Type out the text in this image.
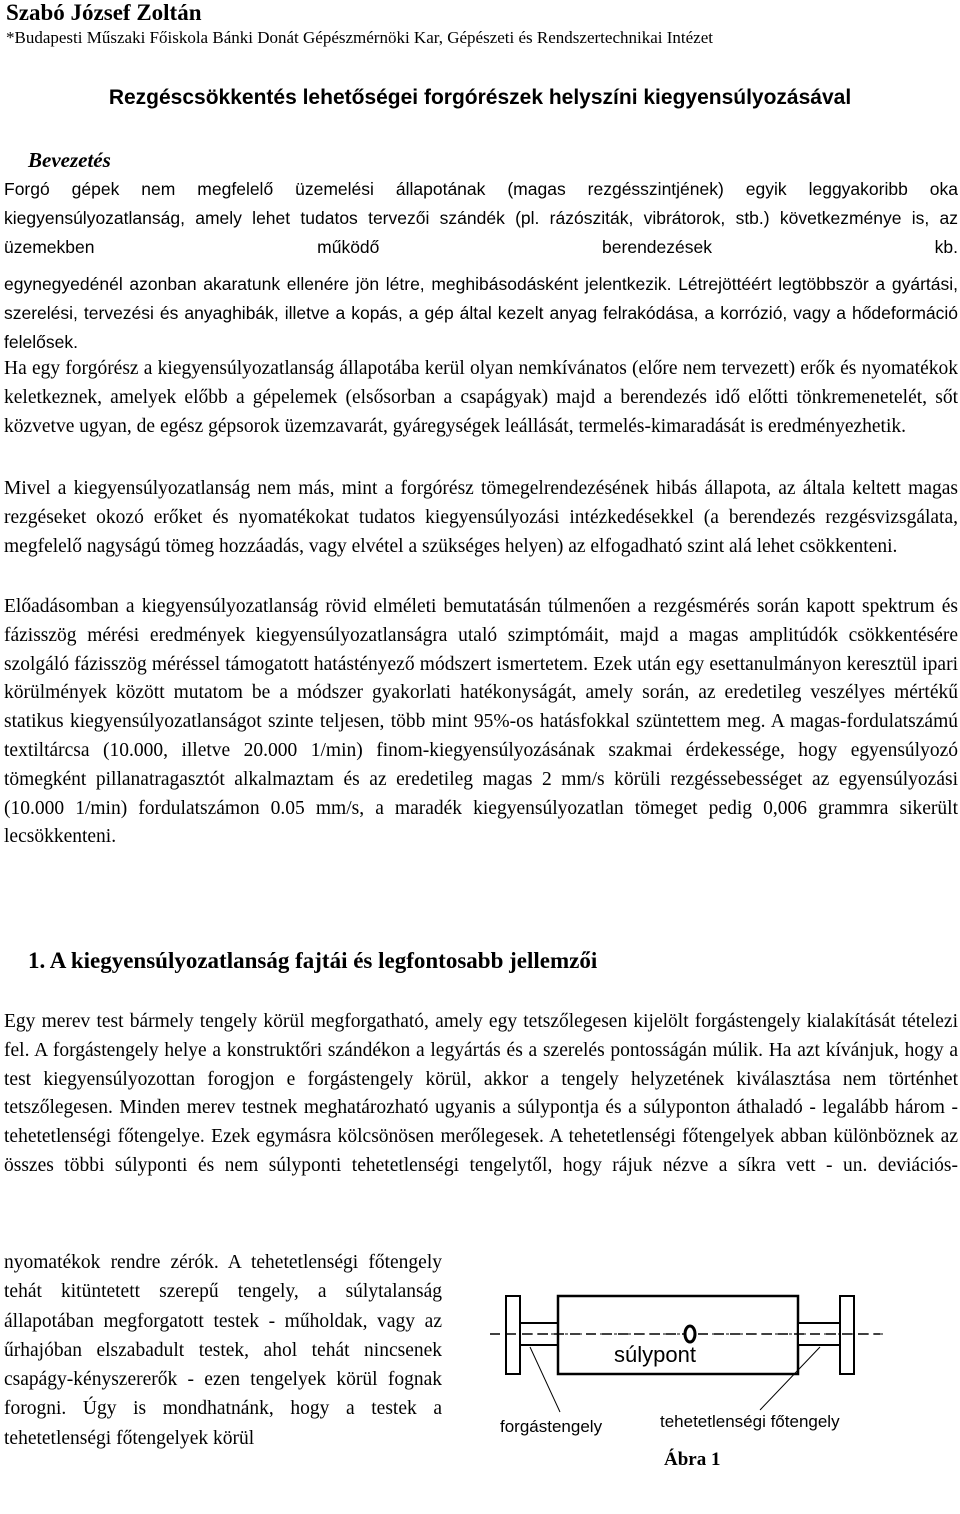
Szabó József Zoltán
*Budapesti Műszaki Főiskola Bánki Donát Gépészmérnöki Kar, Gépészeti és Rendszertechnikai Intézet
Rezgéscsökkentés lehetőségei forgórészek helyszíni kiegyensúlyozásával
Bevezetés
Forgó gépek nem megfelelő üzemelési állapotának (magas rezgésszintjének) egyik leggyakoribb oka kiegyensúlyozatlanság, amely lehet tudatos tervezői szándék (pl. rázósziták, vibrátorok, stb.) következménye is, az üzemekben működő berendezések kb.
egynegyedénél azonban akaratunk ellenére jön létre, meghibásodásként jelentkezik. Létrejöttéért legtöbbször a gyártási, szerelési, tervezési és anyaghibák, illetve a kopás, a gép által kezelt anyag felrakódása, a korrózió, vagy a hődeformáció felelősek.
Ha egy forgórész a kiegyensúlyozatlanság állapotába kerül olyan nemkívánatos (előre nem tervezett) erők és nyomatékok keletkeznek, amelyek előbb a gépelemek (elsősorban a csapágyak) majd a berendezés idő előtti tönkremenetelét, sőt közvetve ugyan, de egész gépsorok üzemzavarát, gyáregységek leállását, termelés-kimaradását is eredményezhetik.
Mivel a kiegyensúlyozatlanság nem más, mint a forgórész tömegelrendezésének hibás állapota, az általa keltett magas rezgéseket okozó erőket és nyomatékokat tudatos kiegyensúlyozási intézkedésekkel (a berendezés rezgésvizsgálata, megfelelő nagyságú tömeg hozzáadás, vagy elvétel a szükséges helyen) az elfogadható szint alá lehet csökkenteni.
Előadásomban a kiegyensúlyozatlanság rövid elméleti bemutatásán túlmenően a rezgésmérés során kapott spektrum és fázisszög mérési eredmények kiegyensúlyozatlanságra utaló szimptómáit, majd a magas amplitúdók csökkentésére szolgáló fázisszög méréssel támogatott hatástényező módszert ismertetem. Ezek után egy esettanulmányon keresztül ipari körülmények között mutatom be a módszer gyakorlati hatékonyságát, amely során, az eredetileg veszélyes mértékű statikus kiegyensúlyozatlanságot szinte teljesen, több mint 95%-os hatásfokkal szüntettem meg. A magas-fordulatszámú textiltárcsa (10.000, illetve 20.000 1/min) finom-kiegyensúlyozásának szakmai érdekessége, hogy egyensúlyozó tömegként pillanatragasztót alkalmaztam és az eredetileg magas 2 mm/s körüli rezgéssebességet az egyensúlyozási (10.000 1/min) fordulatszámon 0.05 mm/s, a maradék kiegyensúlyozatlan tömeget pedig 0,006 grammra sikerült lecsökkenteni.
1. A kiegyensúlyozatlanság fajtái és legfontosabb jellemzői
Egy merev test bármely tengely körül megforgatható, amely egy tetszőlegesen kijelölt forgástengely kialakítását tételezi fel. A forgástengely helye a konstruktőri szándékon a legyártás és a szerelés pontosságán múlik. Ha azt kívánjuk, hogy a test kiegyensúlyozottan forogjon e forgástengely körül, akkor a tengely helyzetének kiválasztása nem történhet tetszőlegesen. Minden merev testnek meghatározható ugyanis a súlypontja és a súlyponton áthaladó - legalább három - tehetetlenségi főtengelye. Ezek egymásra kölcsönösen merőlegesek. A tehetetlenségi főtengelyek abban különböznek az összes többi súlyponti és nem súlyponti tehetetlenségi tengelytől, hogy rájuk nézve a síkra vett - un. deviációs-
nyomatékok rendre zérók. A tehetetlenségi főtengely tehát kitüntetett szerepű tengely, a súlytalanság állapotában megforgatott testek - műholdak, vagy az űrhajóban elszabadult testek, ahol tehát nincsenek csapágy-kényszererők - ezen tengelyek körül fognak forogni. Úgy is mondhatnánk, hogy a testek a tehetetlenségi főtengelyek körül
súlypont
forgástengely	tehetetlenségi főtengely
Ábra 1
